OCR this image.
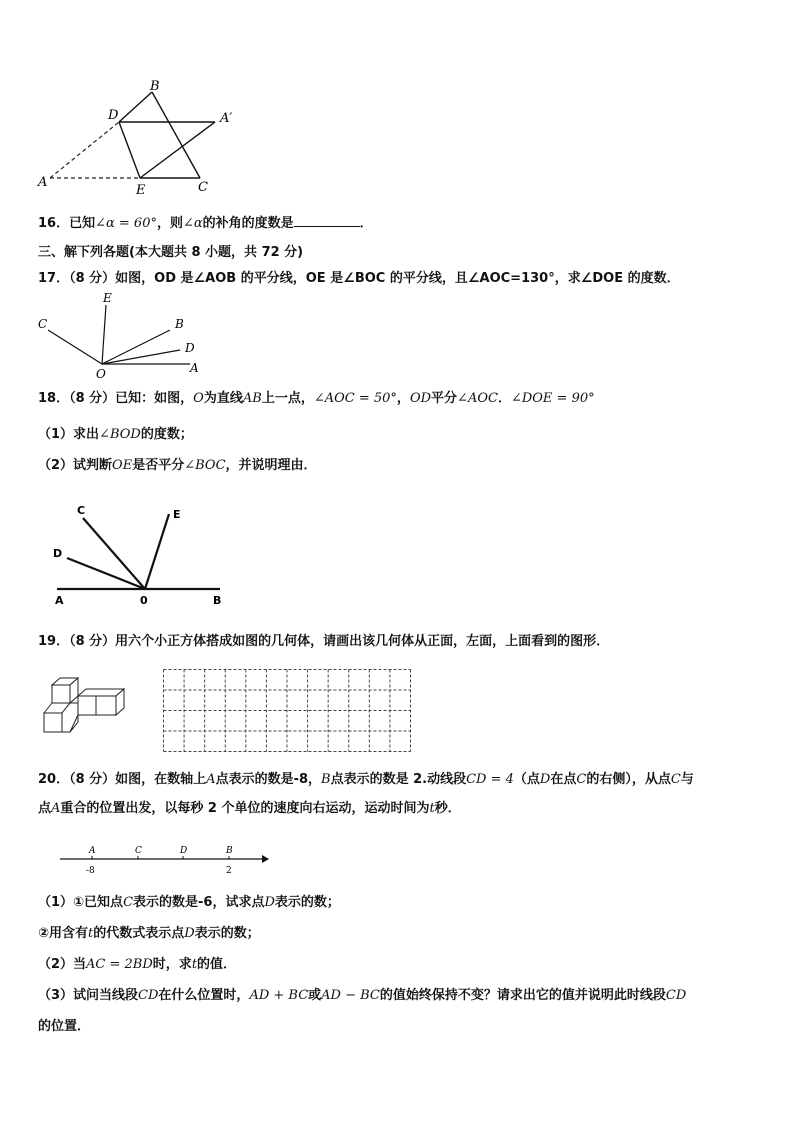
B
D	A′
A
E	C
16．已知∠α = 60°，则∠α的补角的度数是	．
三、解下列各题(本大题共 8 小题，共 72 分)
17．（8 分）如图，OD 是∠AOB 的平分线，OE 是∠BOC 的平分线，且∠AOC=130°，求∠DOE 的度数．
C
E
B
D
A
O
18．（8 分）已知：如图，O为直线AB上一点，∠AOC = 50°，OD平分∠AOC．∠DOE = 90°
（1）求出∠BOD的度数；
（2）试判断OE是否平分∠BOC，并说明理由．
C	E
D
A	0	B
19．（8 分）用六个小正方体搭成如图的几何体，请画出该几何体从正面，左面，上面看到的图形．
20．（8 分）如图，在数轴上A点表示的数是-8，B点表示的数是 2.动线段CD = 4（点D在点C的右侧），从点C与
点A重合的位置出发，以每秒 2 个单位的速度向右运动，运动时间为t秒．
A	C	D	B
-8	2
（1）①已知点C表示的数是-6，试求点D表示的数；
②用含有t的代数式表示点D表示的数；
（2）当AC = 2BD时，求t的值．
（3）试问当线段CD在什么位置时，AD + BC或AD − BC的值始终保持不变？请求出它的值并说明此时线段CD
的位置．
